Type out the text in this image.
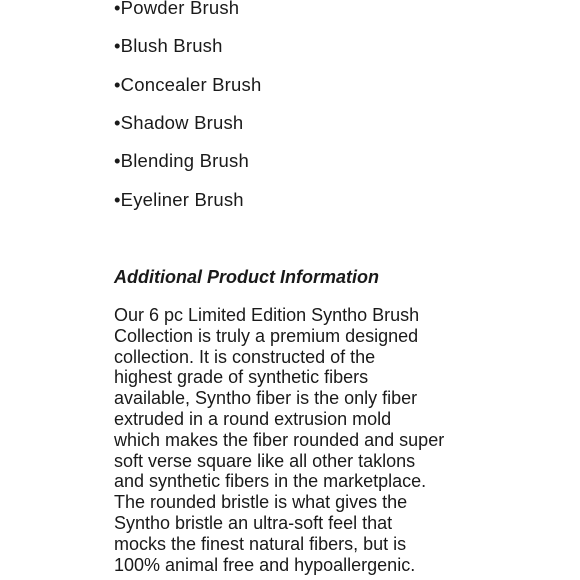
•Powder Brush
•Blush Brush
•Concealer Brush
•Shadow Brush
•Blending Brush
•Eyeliner Brush
Additional Product Information

Our 6 pc Limited Edition Syntho Brush
Collection is truly a premium designed
collection. It is constructed of the
highest grade of synthetic fibers
available, Syntho fiber is the only fiber
extruded in a round extrusion mold
which makes the fiber rounded and super
soft verse square like all other taklons
and synthetic fibers in the marketplace.
The rounded bristle is what gives the
Syntho bristle an ultra-soft feel that
mocks the finest natural fibers, but is
100% animal free and hypoallergenic.
